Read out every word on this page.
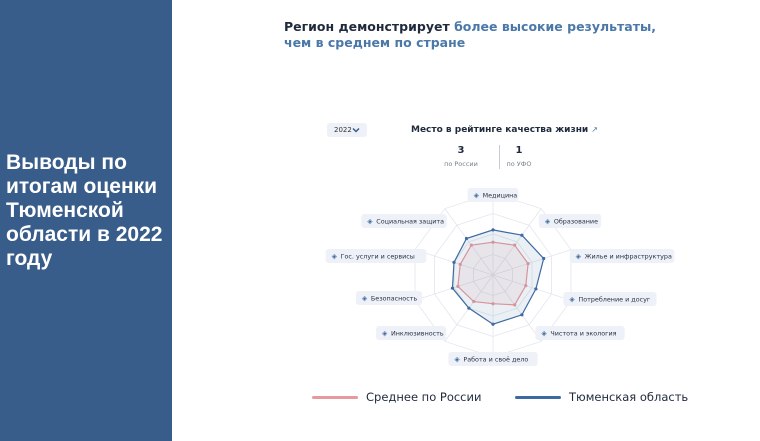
Выводы по итогам оценки Тюменской области в 2022 году

Регион демонстрирует более высокие результаты,
чем в среднем по стране

2022	Место в рейтинге качества жизни ↗
3
по России
1
по УФО
◈ Медицина
◈ Образование
◈ Жилье и инфраструктура
◈ Потребление и досуг
◈ Чистота и экология
◈ Работа и своё дело
◈ Инклюзивность
◈ Безопасность
◈ Гос. услуги и сервисы
◈ Социальная защита
Среднее по России	Тюменская область
